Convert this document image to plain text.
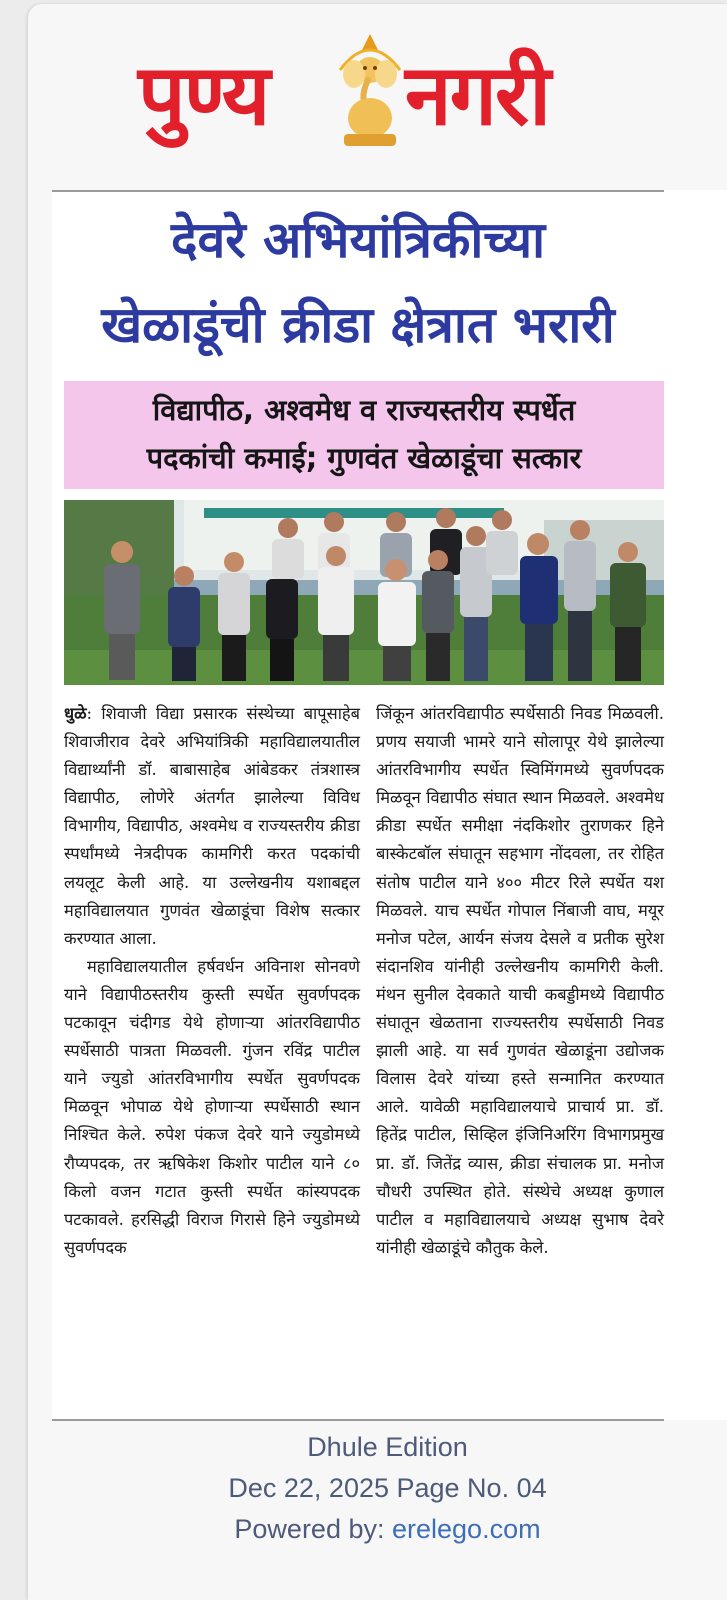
पुण्य नगरी
देवरे अभियांत्रिकीच्या
खेळाडूंची क्रीडा क्षेत्रात भरारी
विद्यापीठ, अश्वमेध व राज्यस्तरीय स्पर्धेत
पदकांची कमाई; गुणवंत खेळाडूंचा सत्कार

धुळे: शिवाजी विद्या प्रसारक संस्थेच्या बापूसाहेब शिवाजीराव देवरे अभियांत्रिकी महाविद्यालयातील विद्यार्थ्यांनी डॉ. बाबासाहेब आंबेडकर तंत्रशास्त्र विद्यापीठ, लोणेरे अंतर्गत झालेल्या विविध विभागीय, विद्यापीठ, अश्वमेध व राज्यस्तरीय क्रीडा स्पर्धांमध्ये नेत्रदीपक कामगिरी करत पदकांची लयलूट केली आहे. या उल्लेखनीय यशाबद्दल महाविद्यालयात गुणवंत खेळाडूंचा विशेष सत्कार करण्यात आला.

महाविद्यालयातील हर्षवर्धन अविनाश सोनवणे याने विद्यापीठस्तरीय कुस्ती स्पर्धेत सुवर्णपदक पटकावून चंदीगड येथे होणाऱ्या आंतरविद्यापीठ स्पर्धेसाठी पात्रता मिळवली. गुंजन रविंद्र पाटील याने ज्युडो आंतरविभागीय स्पर्धेत सुवर्णपदक मिळवून भोपाळ येथे होणाऱ्या स्पर्धेसाठी स्थान निश्चित केले. रुपेश पंकज देवरे याने ज्युडोमध्ये रौप्यपदक, तर ऋषिकेश किशोर पाटील याने ८० किलो वजन गटात कुस्ती स्पर्धेत कांस्यपदक पटकावले. हरसिद्धी विराज गिरासे हिने ज्युडोमध्ये सुवर्णपदक

जिंकून आंतरविद्यापीठ स्पर्धेसाठी निवड मिळवली. प्रणय सयाजी भामरे याने सोलापूर येथे झालेल्या आंतरविभागीय स्पर्धेत स्विमिंगमध्ये सुवर्णपदक मिळवून विद्यापीठ संघात स्थान मिळवले. अश्वमेध क्रीडा स्पर्धेत समीक्षा नंदकिशोर तुराणकर हिने बास्केटबॉल संघातून सहभाग नोंदवला, तर रोहित संतोष पाटील याने ४०० मीटर रिले स्पर्धेत यश मिळवले. याच स्पर्धेत गोपाल निंबाजी वाघ, मयूर मनोज पटेल, आर्यन संजय देसले व प्रतीक सुरेश संदानशिव यांनीही उल्लेखनीय कामगिरी केली. मंथन सुनील देवकाते याची कबड्डीमध्ये विद्यापीठ संघातून खेळताना राज्यस्तरीय स्पर्धेसाठी निवड झाली आहे. या सर्व गुणवंत खेळाडूंना उद्योजक विलास देवरे यांच्या हस्ते सन्मानित करण्यात आले. यावेळी महाविद्यालयाचे प्राचार्य प्रा. डॉ. हितेंद्र पाटील, सिव्हिल इंजिनिअरिंग विभागप्रमुख प्रा. डॉ. जितेंद्र व्यास, क्रीडा संचालक प्रा. मनोज चौधरी उपस्थित होते. संस्थेचे अध्यक्ष कुणाल पाटील व महाविद्यालयाचे अध्यक्ष सुभाष देवरे यांनीही खेळाडूंचे कौतुक केले.

Dhule Edition
Dec 22, 2025 Page No. 04
Powered by: erelego.com
